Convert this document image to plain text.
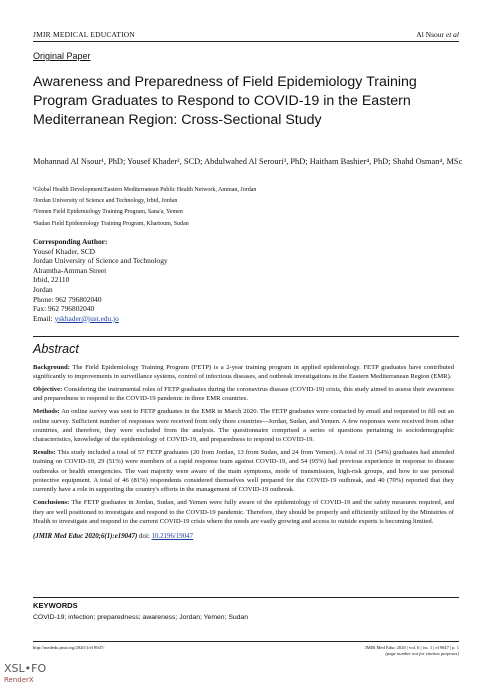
JMIR MEDICAL EDUCATION	Al Nsour et al
Original Paper
Awareness and Preparedness of Field Epidemiology Training Program Graduates to Respond to COVID-19 in the Eastern Mediterranean Region: Cross-Sectional Study
Mohannad Al Nsour¹, PhD; Yousef Khader², SCD; Abdulwahed Al Serouri³, PhD; Haitham Bashier⁴, PhD; Shahd Osman⁴, MSc
¹Global Health Development/Eastern Mediterranean Public Health Network, Amman, Jordan
²Jordan University of Science and Technology, Irbid, Jordan
³Yemen Field Epidemiology Training Program, Sana'a, Yemen
⁴Sudan Field Epidemiology Training Program, Khartoum, Sudan
Corresponding Author:
Yousef Khader, SCD
Jordan University of Science and Technology
Alramtha-Amman Street
Irbid, 22110
Jordan
Phone: 962 796802040
Fax: 962 796802040
Email: yskhader@just.edu.jo
Abstract

Background: The Field Epidemiology Training Program (FETP) is a 2-year training program in applied epidemiology. FETP graduates have contributed significantly to improvements in surveillance systems, control of infectious diseases, and outbreak investigations in the Eastern Mediterranean Region (EMR).

Objective: Considering the instrumental roles of FETP graduates during the coronavirus disease (COVID-19) crisis, this study aimed to assess their awareness and preparedness to respond to the COVID-19 pandemic in three EMR countries.

Methods: An online survey was sent to FETP graduates in the EMR in March 2020. The FETP graduates were contacted by email and requested to fill out an online survey. Sufficient number of responses were received from only three countries—Jordan, Sudan, and Yemen. A few responses were received from other countries, and therefore, they were excluded from the analysis. The questionnaire comprised a series of questions pertaining to sociodemographic characteristics, knowledge of the epidemiology of COVID-19, and preparedness to respond to COVID-19.

Results: This study included a total of 57 FETP graduates (20 from Jordan, 13 from Sudan, and 24 from Yemen). A total of 31 (54%) graduates had attended training on COVID-19, 29 (51%) were members of a rapid response team against COVID-19, and 54 (95%) had previous experience in response to disease outbreaks or health emergencies. The vast majority were aware of the main symptoms, mode of transmission, high-risk groups, and how to use personal protective equipment. A total of 46 (81%) respondents considered themselves well prepared for the COVID-19 outbreak, and 40 (70%) reported that they currently have a role in supporting the country's efforts in the management of COVID-19 outbreak.

Conclusions: The FETP graduates in Jordan, Sudan, and Yemen were fully aware of the epidemiology of COVID-19 and the safety measures required, and they are well positioned to investigate and respond to the COVID-19 pandemic. Therefore, they should be properly and efficiently utilized by the Ministries of Health to investigate and respond to the current COVID-19 crisis where the needs are vastly growing and access to outside experts is becoming limited.

(JMIR Med Educ 2020;6(1):e19047) doi: 10.2196/19047

KEYWORDS
COVID-19; infection; preparedness; awareness; Jordan; Yemen; Sudan
http://mededu.jmir.org/2020/1/e19047/	JMIR Med Educ 2020 | vol. 6 | iss. 1 | e19047 | p. 1
(page number not for citation purposes)
XSL•FO
RenderX
